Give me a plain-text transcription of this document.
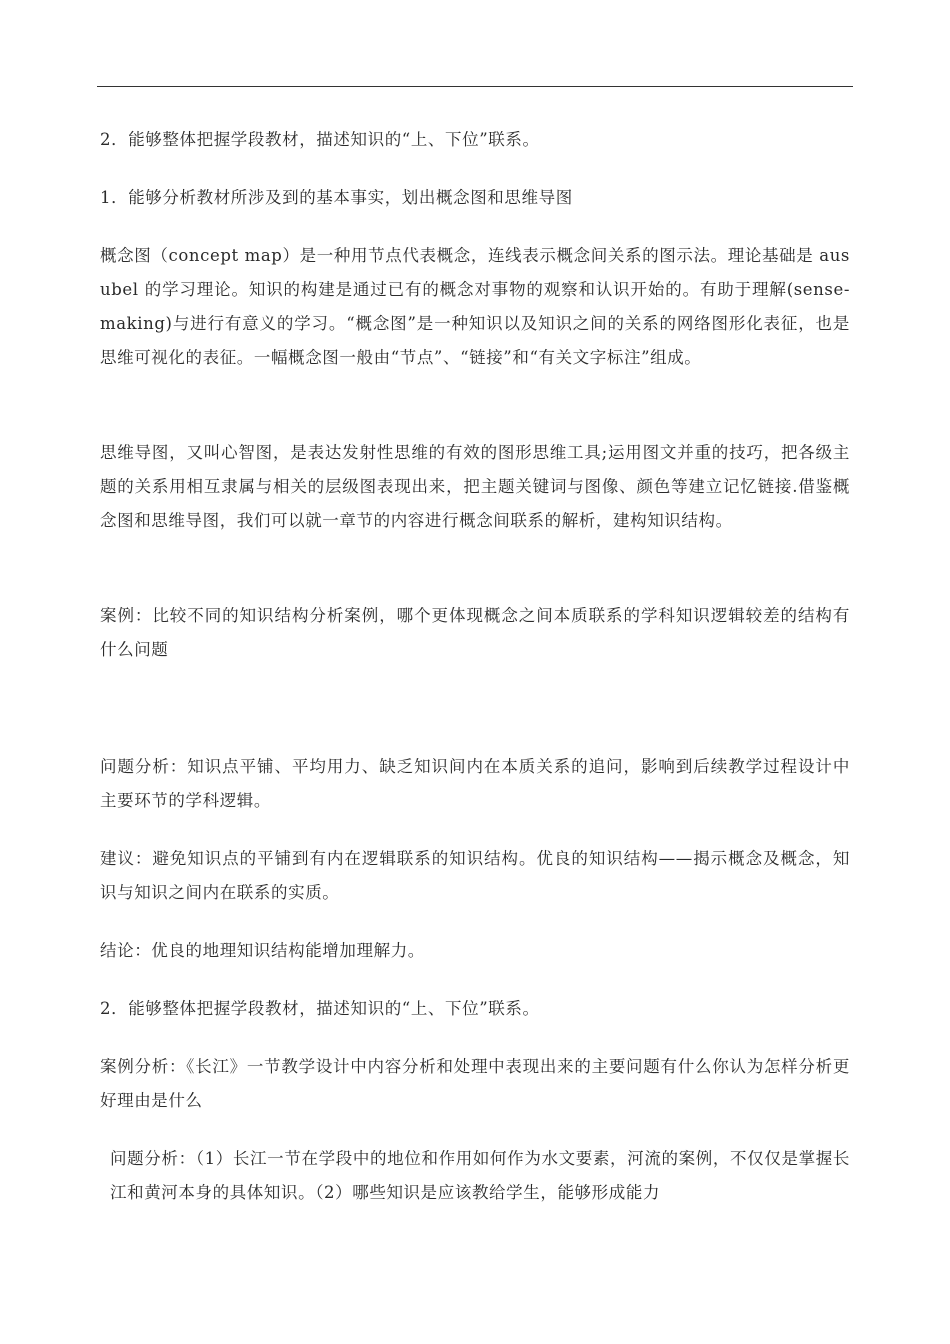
2．能够整体把握学段教材，描述知识的“上、下位”联系。

1．能够分析教材所涉及到的基本事实，划出概念图和思维导图

概念图（concept map）是一种用节点代表概念，连线表示概念间关系的图示法。理论基础是 ausubel 的学习理论。知识的构建是通过已有的概念对事物的观察和认识开始的。有助于理解(sense-making)与进行有意义的学习。“概念图”是一种知识以及知识之间的关系的网络图形化表征，也是思维可视化的表征。一幅概念图一般由“节点”、“链接”和“有关文字标注”组成。

思维导图，又叫心智图，是表达发射性思维的有效的图形思维工具;运用图文并重的技巧，把各级主题的关系用相互隶属与相关的层级图表现出来，把主题关键词与图像、颜色等建立记忆链接.借鉴概念图和思维导图，我们可以就一章节的内容进行概念间联系的解析，建构知识结构。

案例：比较不同的知识结构分析案例，哪个更体现概念之间本质联系的学科知识逻辑较差的结构有什么问题

问题分析：知识点平铺、平均用力、缺乏知识间内在本质关系的追问，影响到后续教学过程设计中主要环节的学科逻辑。

建议：避免知识点的平铺到有内在逻辑联系的知识结构。优良的知识结构——揭示概念及概念，知识与知识之间内在联系的实质。

结论：优良的地理知识结构能增加理解力。

2．能够整体把握学段教材，描述知识的“上、下位”联系。

案例分析：《长江》一节教学设计中内容分析和处理中表现出来的主要问题有什么你认为怎样分析更好理由是什么

问题分析：（1）长江一节在学段中的地位和作用如何作为水文要素，河流的案例，不仅仅是掌握长江和黄河本身的具体知识。（2）哪些知识是应该教给学生，能够形成能力
